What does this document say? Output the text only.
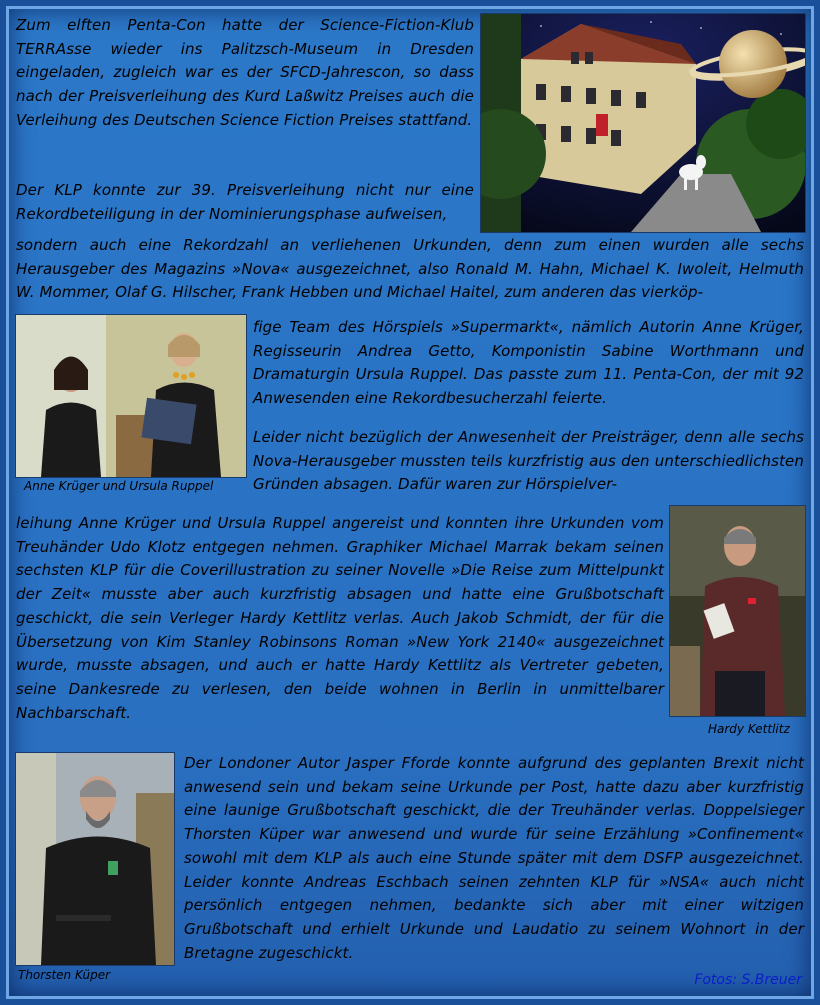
Anne Krüger und Ursula Ruppel
Hardy Kettlitz
Thorsten Küper

Zum elften Penta-Con hatte der Science-Fiction-Klub TERRAsse wieder ins Palitzsch-Museum in Dresden eingeladen, zugleich war es der SFCD-Jahrescon, so dass nach der Preisverleihung des Kurd Laßwitz Preises auch die Verleihung des Deutschen Science Fiction Preises stattfand.

Der KLP konnte zur 39. Preisverleihung nicht nur eine Rekordbeteiligung in der Nominierungsphase aufweisen,

sondern auch eine Rekordzahl an verliehenen Urkunden, denn zum einen wurden alle sechs Herausgeber des Magazins »Nova« ausgezeichnet, also Ronald M. Hahn, Michael K. Iwoleit, Helmuth W. Mommer, Olaf G. Hilscher, Frank Hebben und Michael Haitel, zum anderen das vierköp-

fige Team des Hörspiels »Supermarkt«, nämlich Autorin Anne Krüger, Regisseurin Andrea Getto, Komponistin Sabine Worthmann und Dramaturgin Ursula Ruppel. Das passte zum 11. Penta-Con, der mit 92 Anwesenden eine Rekordbesucherzahl feierte.

Leider nicht bezüglich der Anwesenheit der Preisträger, denn alle sechs Nova-Herausgeber mussten teils kurzfristig aus den unterschiedlichsten Gründen absagen. Dafür waren zur Hörspielver-

leihung Anne Krüger und Ursula Ruppel angereist und konnten ihre Urkunden vom Treuhänder Udo Klotz entgegen nehmen. Graphiker Michael Marrak bekam seinen sechsten KLP für die Coverillustration zu seiner Novelle »Die Reise zum Mittelpunkt der Zeit« musste aber auch kurzfristig absagen und hatte eine Grußbotschaft geschickt, die sein Verleger Hardy Kettlitz verlas. Auch Jakob Schmidt, der für die Übersetzung von Kim Stanley Robinsons Roman »New York 2140« ausgezeichnet wurde, musste absagen, und auch er hatte Hardy Kettlitz als Vertreter gebeten, seine Dankesrede zu verlesen, den beide wohnen in Berlin in unmittelbarer Nachbarschaft.

Der Londoner Autor Jasper Fforde konnte aufgrund des geplanten Brexit nicht anwesend sein und bekam seine Urkunde per Post, hatte dazu aber kurzfristig eine launige Grußbotschaft geschickt, die der Treuhänder verlas. Doppelsieger Thorsten Küper war anwesend und wurde für seine Erzählung »Confinement« sowohl mit dem KLP als auch eine Stunde später mit dem DSFP ausgezeichnet. Leider konnte Andreas Eschbach seinen zehnten KLP für »NSA« auch nicht persönlich entgegen nehmen, bedankte sich aber mit einer witzigen Grußbotschaft und erhielt Urkunde und Laudatio zu seinem Wohnort in der Bretagne zugeschickt.

Fotos: S.Breuer
